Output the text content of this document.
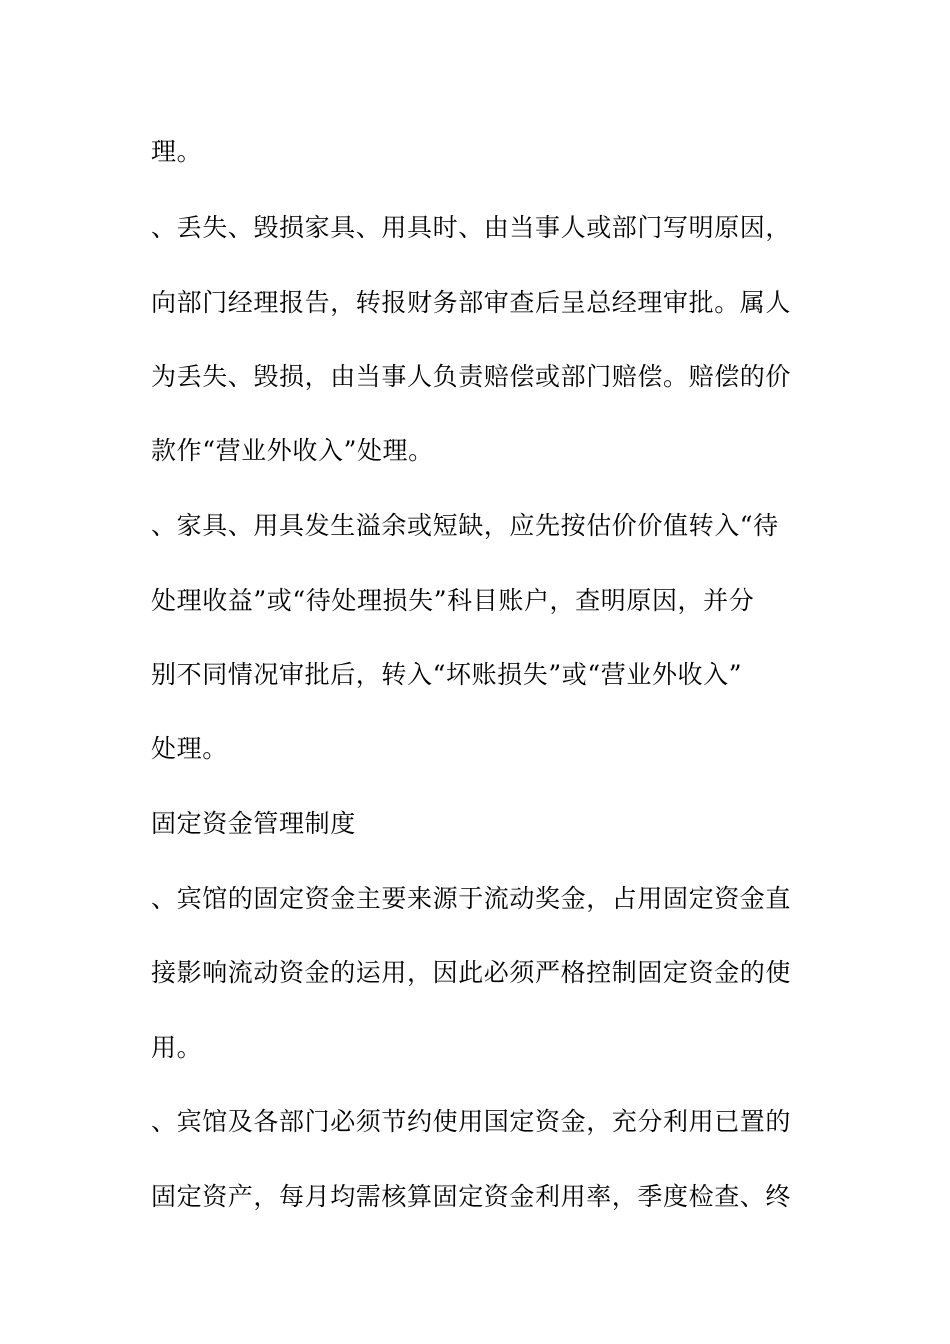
理。
、丢失、毁损家具、用具时、由当事人或部门写明原因，
向部门经理报告，转报财务部审查后呈总经理审批。属人
为丢失、毁损，由当事人负责赔偿或部门赔偿。赔偿的价
款作“营业外收入”处理。
、家具、用具发生溢余或短缺，应先按估价价值转入“待
处理收益”或“待处理损失”科目账户，查明原因，并分
别不同情况审批后，转入“坏账损失”或“营业外收入”
处理。
固定资金管理制度
、宾馆的固定资金主要来源于流动奖金，占用固定资金直
接影响流动资金的运用，因此必须严格控制固定资金的使
用。
、宾馆及各部门必须节约使用国定资金，充分利用已置的
固定资产，每月均需核算固定资金利用率，季度检查、终
